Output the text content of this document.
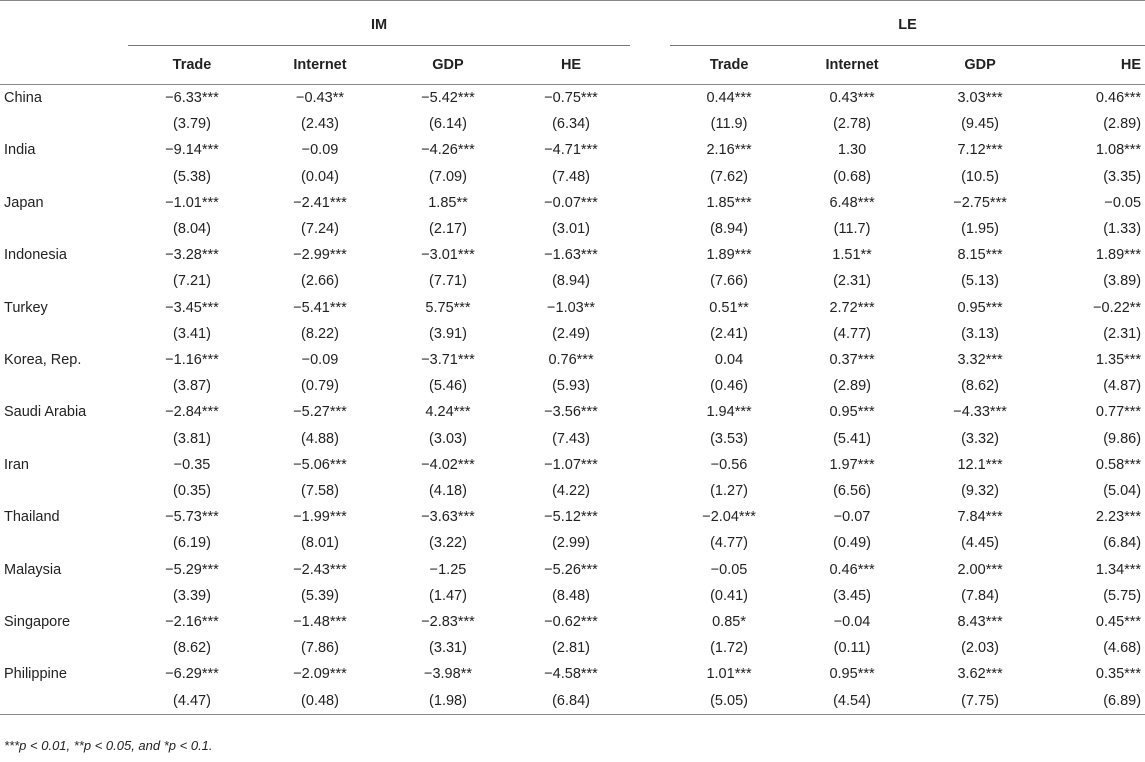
	IM					LE			
	Trade	Internet	GDP	HE		Trade	Internet	GDP	HE
China	−6.33***	−0.43**	−5.42***	−0.75***		0.44***	0.43***	3.03***	0.46***
	(3.79)	(2.43)	(6.14)	(6.34)		(11.9)	(2.78)	(9.45)	(2.89)
India	−9.14***	−0.09	−4.26***	−4.71***		2.16***	1.30	7.12***	1.08***
	(5.38)	(0.04)	(7.09)	(7.48)		(7.62)	(0.68)	(10.5)	(3.35)
Japan	−1.01***	−2.41***	1.85**	−0.07***		1.85***	6.48***	−2.75***	−0.05
	(8.04)	(7.24)	(2.17)	(3.01)		(8.94)	(11.7)	(1.95)	(1.33)
Indonesia	−3.28***	−2.99***	−3.01***	−1.63***		1.89***	1.51**	8.15***	1.89***
	(7.21)	(2.66)	(7.71)	(8.94)		(7.66)	(2.31)	(5.13)	(3.89)
Turkey	−3.45***	−5.41***	5.75***	−1.03**		0.51**	2.72***	0.95***	−0.22**
	(3.41)	(8.22)	(3.91)	(2.49)		(2.41)	(4.77)	(3.13)	(2.31)
Korea, Rep.	−1.16***	−0.09	−3.71***	0.76***		0.04	0.37***	3.32***	1.35***
	(3.87)	(0.79)	(5.46)	(5.93)		(0.46)	(2.89)	(8.62)	(4.87)
Saudi Arabia	−2.84***	−5.27***	4.24***	−3.56***		1.94***	0.95***	−4.33***	0.77***
	(3.81)	(4.88)	(3.03)	(7.43)		(3.53)	(5.41)	(3.32)	(9.86)
Iran	−0.35	−5.06***	−4.02***	−1.07***		−0.56	1.97***	12.1***	0.58***
	(0.35)	(7.58)	(4.18)	(4.22)		(1.27)	(6.56)	(9.32)	(5.04)
Thailand	−5.73***	−1.99***	−3.63***	−5.12***		−2.04***	−0.07	7.84***	2.23***
	(6.19)	(8.01)	(3.22)	(2.99)		(4.77)	(0.49)	(4.45)	(6.84)
Malaysia	−5.29***	−2.43***	−1.25	−5.26***		−0.05	0.46***	2.00***	1.34***
	(3.39)	(5.39)	(1.47)	(8.48)		(0.41)	(3.45)	(7.84)	(5.75)
Singapore	−2.16***	−1.48***	−2.83***	−0.62***		0.85*	−0.04	8.43***	0.45***
	(8.62)	(7.86)	(3.31)	(2.81)		(1.72)	(0.11)	(2.03)	(4.68)
Philippine	−6.29***	−2.09***	−3.98**	−4.58***		1.01***	0.95***	3.62***	0.35***
	(4.47)	(0.48)	(1.98)	(6.84)		(5.05)	(4.54)	(7.75)	(6.89)
***p < 0.01, **p < 0.05, and *p < 0.1.
